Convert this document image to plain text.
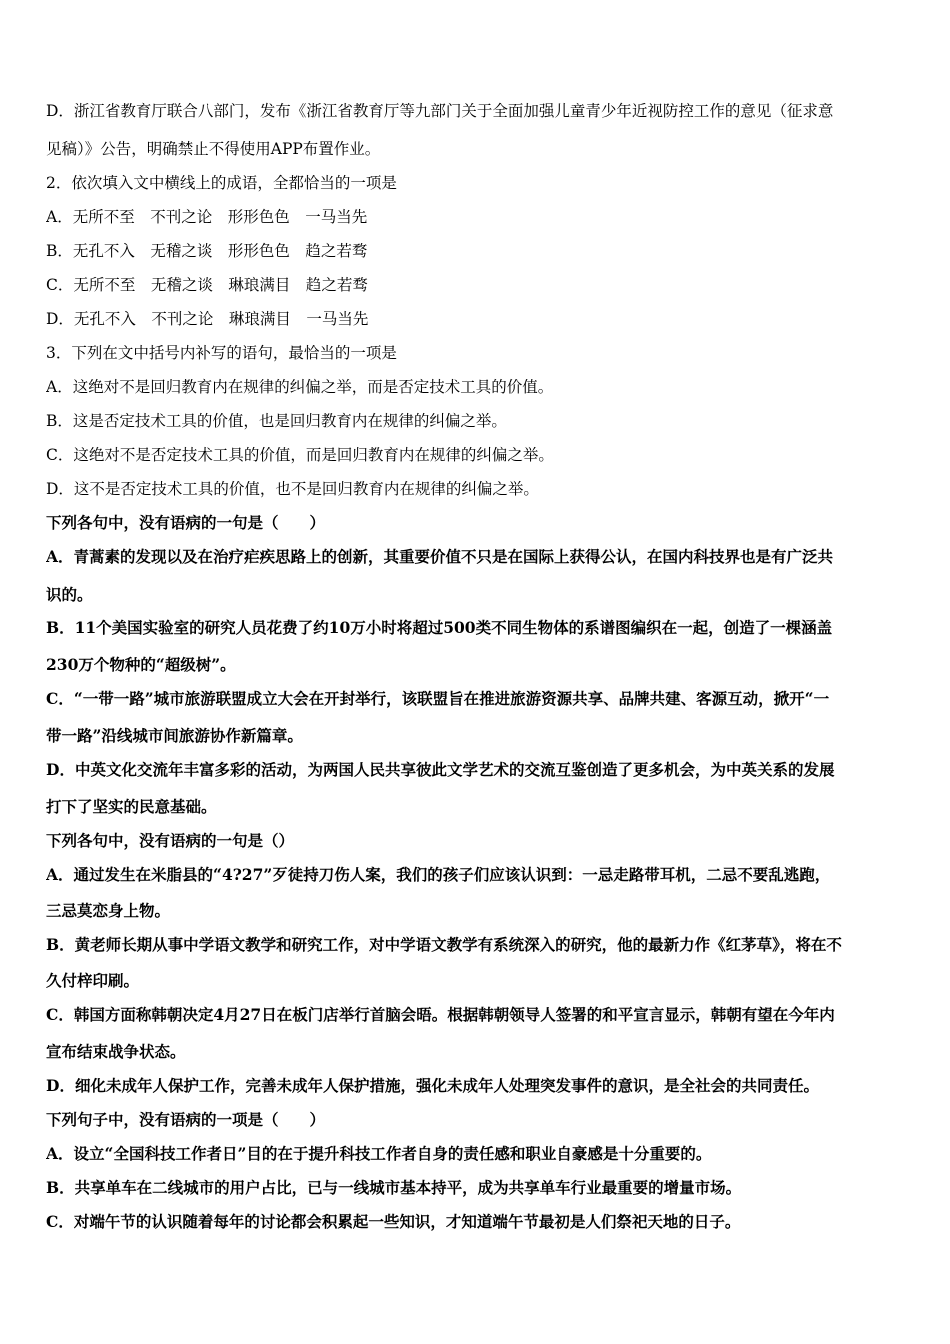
D．浙江省教育厅联合八部门，发布《浙江省教育厅等九部门关于全面加强儿童青少年近视防控工作的意见（征求意
见稿）》公告，明确禁止不得使用APP布置作业。
2．依次填入文中横线上的成语，全都恰当的一项是
A．无所不至　不刊之论　形形色色　一马当先
B．无孔不入　无稽之谈　形形色色　趋之若骛
C．无所不至　无稽之谈　琳琅满目　趋之若骛
D．无孔不入　不刊之论　琳琅满目　一马当先
3．下列在文中括号内补写的语句，最恰当的一项是
A．这绝对不是回归教育内在规律的纠偏之举，而是否定技术工具的价值。
B．这是否定技术工具的价值，也是回归教育内在规律的纠偏之举。
C．这绝对不是否定技术工具的价值，而是回归教育内在规律的纠偏之举。
D．这不是否定技术工具的价值，也不是回归教育内在规律的纠偏之举。
下列各句中，没有语病的一句是（　　）
A．青蒿素的发现以及在治疗疟疾思路上的创新，其重要价值不只是在国际上获得公认，在国内科技界也是有广泛共
识的。
B．11个美国实验室的研究人员花费了约10万小时将超过500类不同生物体的系谱图编织在一起，创造了一棵涵盖
230万个物种的“超级树”。
C．“一带一路”城市旅游联盟成立大会在开封举行，该联盟旨在推进旅游资源共享、品牌共建、客源互动，掀开“一
带一路”沿线城市间旅游协作新篇章。
D．中英文化交流年丰富多彩的活动，为两国人民共享彼此文学艺术的交流互鉴创造了更多机会，为中英关系的发展
打下了坚实的民意基础。
下列各句中，没有语病的一句是（）
A．通过发生在米脂县的“4?27”歹徒持刀伤人案，我们的孩子们应该认识到：一忌走路带耳机，二忌不要乱逃跑，
三忌莫恋身上物。
B．黄老师长期从事中学语文教学和研究工作，对中学语文教学有系统深入的研究，他的最新力作《红茅草》，将在不
久付梓印刷。
C．韩国方面称韩朝决定4月27日在板门店举行首脑会晤。根据韩朝领导人签署的和平宣言显示，韩朝有望在今年内
宣布结束战争状态。
D．细化未成年人保护工作，完善未成年人保护措施，强化未成年人处理突发事件的意识，是全社会的共同责任。
下列句子中，没有语病的一项是（　　）
A．设立“全国科技工作者日”目的在于提升科技工作者自身的责任感和职业自豪感是十分重要的。
B．共享单车在二线城市的用户占比，已与一线城市基本持平，成为共享单车行业最重要的增量市场。
C．对端午节的认识随着每年的讨论都会积累起一些知识，才知道端午节最初是人们祭祀天地的日子。
